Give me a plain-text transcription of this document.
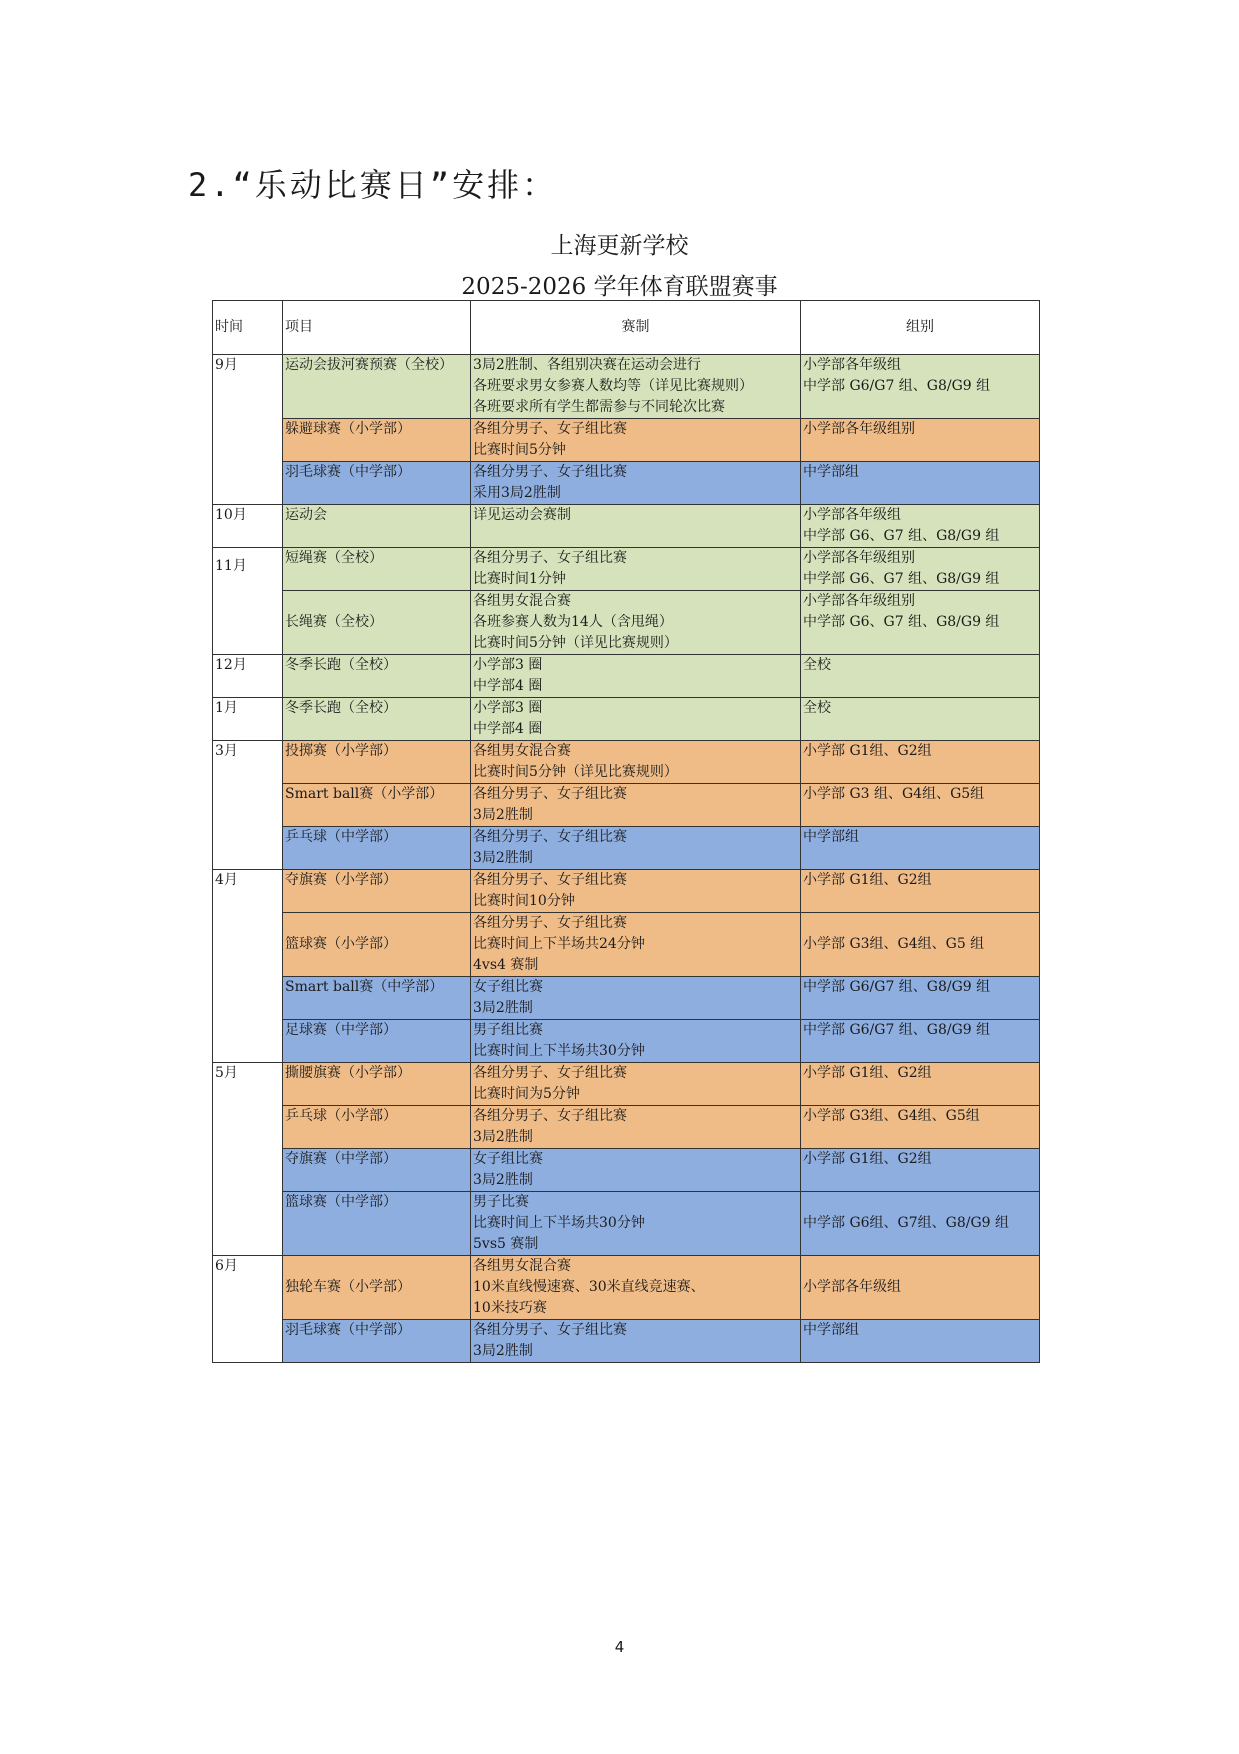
2.“乐动比赛日”安排：
上海更新学校
2025-2026 学年体育联盟赛事
时间	项目	赛制	组别
9月	运动会拔河赛预赛（全校）	3局2胜制、各组别决赛在运动会进行
各班要求男女参赛人数均等（详见比赛规则）
各班要求所有学生都需参与不同轮次比赛	小学部各年级组
中学部 G6/G7 组、G8/G9 组

	躲避球赛（小学部）	各组分男子、女子组比赛
比赛时间5分钟	小学部各年级组别

	羽毛球赛（中学部）	各组分男子、女子组比赛
采用3局2胜制	中学部组

10月	运动会	详见运动会赛制	小学部各年级组
中学部 G6、G7 组、G8/G9 组

11月	短绳赛（全校）	各组分男子、女子组比赛
比赛时间1分钟	小学部各年级组别
中学部 G6、G7 组、G8/G9 组

	长绳赛（全校）	各组男女混合赛
各班参赛人数为14人（含甩绳）
比赛时间5分钟（详见比赛规则）	小学部各年级组别
中学部 G6、G7 组、G8/G9 组

12月	冬季长跑（全校）	小学部3 圈
中学部4 圈	全校

1月	冬季长跑（全校）	小学部3 圈
中学部4 圈	全校

3月	投掷赛（小学部）	各组男女混合赛
比赛时间5分钟（详见比赛规则）	小学部 G1组、G2组

	Smart ball赛（小学部）	各组分男子、女子组比赛
3局2胜制	小学部 G3 组、G4组、G5组

	乒乓球（中学部）	各组分男子、女子组比赛
3局2胜制	中学部组

4月	夺旗赛（小学部）	各组分男子、女子组比赛
比赛时间10分钟	小学部 G1组、G2组

	篮球赛（小学部）	各组分男子、女子组比赛
比赛时间上下半场共24分钟
4vs4 赛制	小学部 G3组、G4组、G5 组

	Smart ball赛（中学部）	女子组比赛
3局2胜制	中学部 G6/G7 组、G8/G9 组

	足球赛（中学部）	男子组比赛
比赛时间上下半场共30分钟	中学部 G6/G7 组、G8/G9 组

5月	撕腰旗赛（小学部）	各组分男子、女子组比赛
比赛时间为5分钟	小学部 G1组、G2组

	乒乓球（小学部）	各组分男子、女子组比赛
3局2胜制	小学部 G3组、G4组、G5组

	夺旗赛（中学部）	女子组比赛
3局2胜制	小学部 G1组、G2组

	篮球赛（中学部）	男子比赛
比赛时间上下半场共30分钟
5vs5 赛制	中学部 G6组、G7组、G8/G9 组

6月	独轮车赛（小学部）	各组男女混合赛
10米直线慢速赛、30米直线竞速赛、
10米技巧赛	小学部各年级组

	羽毛球赛（中学部）	各组分男子、女子组比赛
3局2胜制	中学部组
4
